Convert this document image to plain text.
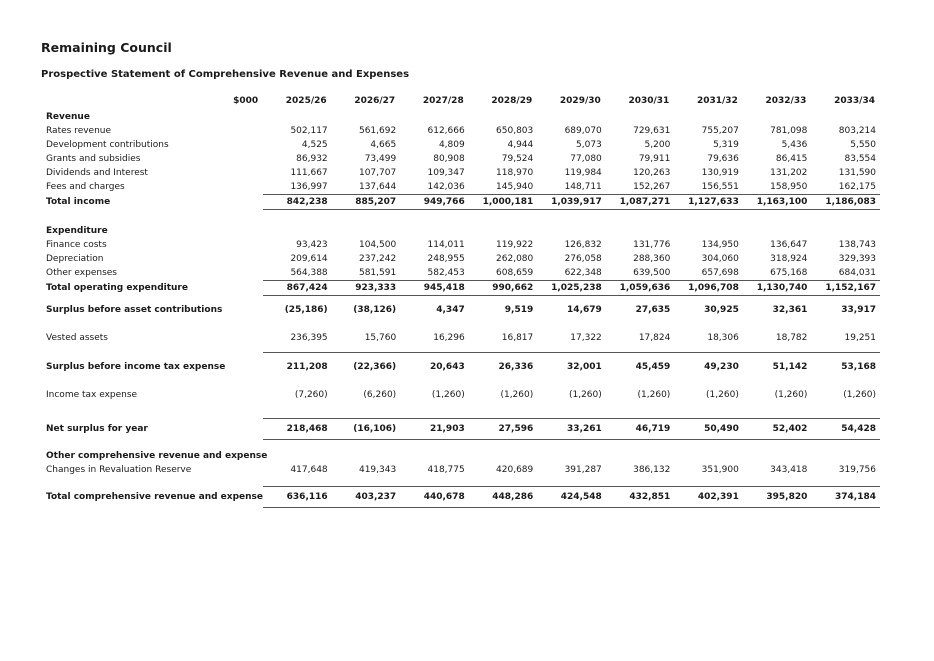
Remaining Council
Prospective Statement of Comprehensive Revenue and Expenses
$000	2025/26	2026/27	2027/28	2028/29	2029/30	2030/31	2031/32	2032/33	2033/34
Revenue									
Rates revenue	502,117	561,692	612,666	650,803	689,070	729,631	755,207	781,098	803,214
Development contributions	4,525	4,665	4,809	4,944	5,073	5,200	5,319	5,436	5,550
Grants and subsidies	86,932	73,499	80,908	79,524	77,080	79,911	79,636	86,415	83,554
Dividends and Interest	111,667	107,707	109,347	118,970	119,984	120,263	130,919	131,202	131,590
Fees and charges	136,997	137,644	142,036	145,940	148,711	152,267	156,551	158,950	162,175
Total income	842,238	885,207	949,766	1,000,181	1,039,917	1,087,271	1,127,633	1,163,100	1,186,083

Expenditure									
Finance costs	93,423	104,500	114,011	119,922	126,832	131,776	134,950	136,647	138,743
Depreciation	209,614	237,242	248,955	262,080	276,058	288,360	304,060	318,924	329,393
Other expenses	564,388	581,591	582,453	608,659	622,348	639,500	657,698	675,168	684,031
Total operating expenditure	867,424	923,333	945,418	990,662	1,025,238	1,059,636	1,096,708	1,130,740	1,152,167
Surplus before asset contributions	(25,186)	(38,126)	4,347	9,519	14,679	27,635	30,925	32,361	33,917
Vested assets	236,395	15,760	16,296	16,817	17,322	17,824	18,306	18,782	19,251
Surplus before income tax expense	211,208	(22,366)	20,643	26,336	32,001	45,459	49,230	51,142	53,168
Income tax expense	(7,260)	(6,260)	(1,260)	(1,260)	(1,260)	(1,260)	(1,260)	(1,260)	(1,260)

Net surplus for year	218,468	(16,106)	21,903	27,596	33,261	46,719	50,490	52,402	54,428

Other comprehensive revenue and expense									
Changes in Revaluation Reserve	417,648	419,343	418,775	420,689	391,287	386,132	351,900	343,418	319,756

Total comprehensive revenue and expense	636,116	403,237	440,678	448,286	424,548	432,851	402,391	395,820	374,184
